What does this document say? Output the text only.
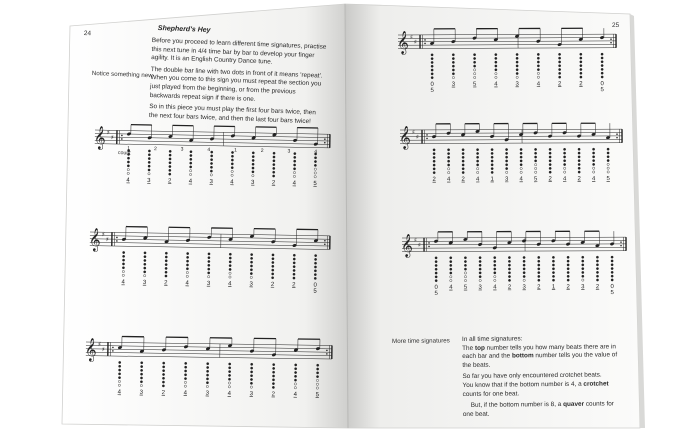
𝄞 ♯
♯
4	3	2	4	3	4	3	2	4	5
1	2	3	4	1	2	3	4
𝄞 ♯
♯
4	3	2	4	3	4	3	2	2	0
5
𝄞 ♯
♯
4	3	2	4	3	4	3	2	4	5
𝄞 ♯
♯
0
5
3	5	4	3	4	2	2	0
5
𝄞 ♯
♯
2 4 2 4 1 3 4 5 2 4 2 4 5
𝄞 ♯
♯
0
5
4 5 3 4 2 3 2 1 2 3 2 0
5
24	Shepherd's Hey

Before you proceed to learn different time signatures, practise this next tune in 4/4 time bar by bar to develop your finger agility. It is an English Country Dance tune.

The double bar line with two dots in front of it means 'repeat'. When you come to this sign you must repeat the section you just played from the beginning, or from the previous backwards repeat sign if there is one.

So in this piece you must play the first four bars twice, then the next four bars twice, and then the last four bars twice!

Notice something new
count
25
More time signatures In all time signatures:
The top number tells you how many beats there are in each bar and the bottom number tells you the value of the beats.

So far you have only encountered crotchet beats.
You know that if the bottom number is 4, a crotchet counts for one beat.

But, if the bottom number is 8, a quaver counts for one beat.
